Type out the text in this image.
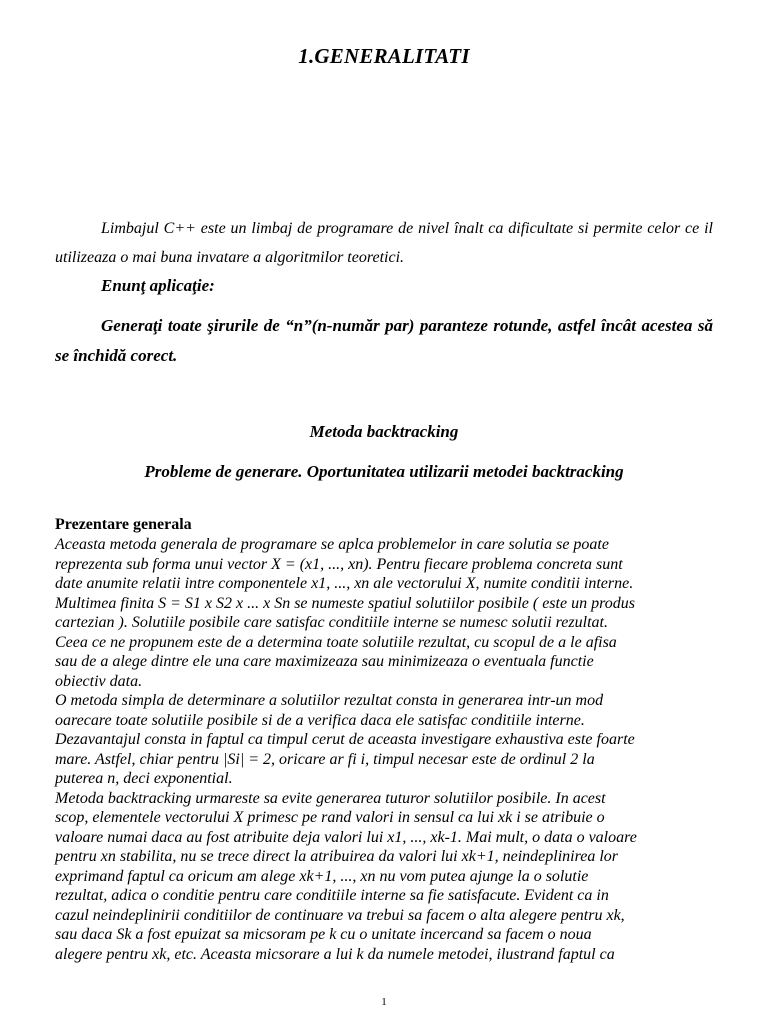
1.GENERALITATI
Limbajul C++ este un limbaj de programare de nivel înalt ca dificultate si permite celor ce il utilizeaza o mai buna invatare a algoritmilor teoretici.
Enunţ aplicaţie:
Generaţi toate şirurile de “n”(n-număr par) paranteze rotunde, astfel încât acestea să se închidă corect.
Metoda backtracking
Probleme de generare. Oportunitatea utilizarii metodei backtracking
Prezentare generala
Aceasta metoda generala de programare se aplca problemelor in care solutia se poate
reprezenta sub forma unui vector X = (x1, ..., xn). Pentru fiecare problema concreta sunt
date anumite relatii intre componentele x1, ..., xn ale vectorului X, numite conditii interne.
Multimea finita S = S1 x S2 x ... x Sn se numeste spatiul solutiilor posibile ( este un produs
cartezian ). Solutiile posibile care satisfac conditiile interne se numesc solutii rezultat.
Ceea ce ne propunem este de a determina toate solutiile rezultat, cu scopul de a le afisa
sau de a alege dintre ele una care maximizeaza sau minimizeaza o eventuala functie
obiectiv data.
O metoda simpla de determinare a solutiilor rezultat consta in generarea intr-un mod
oarecare toate solutiile posibile si de a verifica daca ele satisfac conditiile interne.
Dezavantajul consta in faptul ca timpul cerut de aceasta investigare exhaustiva este foarte
mare. Astfel, chiar pentru |Si| = 2, oricare ar fi i, timpul necesar este de ordinul 2 la
puterea n, deci exponential.
Metoda backtracking urmareste sa evite generarea tuturor solutiilor posibile. In acest
scop, elementele vectorului X primesc pe rand valori in sensul ca lui xk i se atribuie o
valoare numai daca au fost atribuite deja valori lui x1, ..., xk-1. Mai mult, o data o valoare
pentru xn stabilita, nu se trece direct la atribuirea da valori lui xk+1, neindeplinirea lor
exprimand faptul ca oricum am alege xk+1, ..., xn nu vom putea ajunge la o solutie
rezultat, adica o conditie pentru care conditiile interne sa fie satisfacute. Evident ca in
cazul neindeplinirii conditiilor de continuare va trebui sa facem o alta alegere pentru xk,
sau daca Sk a fost epuizat sa micsoram pe k cu o unitate incercand sa facem o noua
alegere pentru xk, etc. Aceasta micsorare a lui k da numele metodei, ilustrand faptul ca
1
